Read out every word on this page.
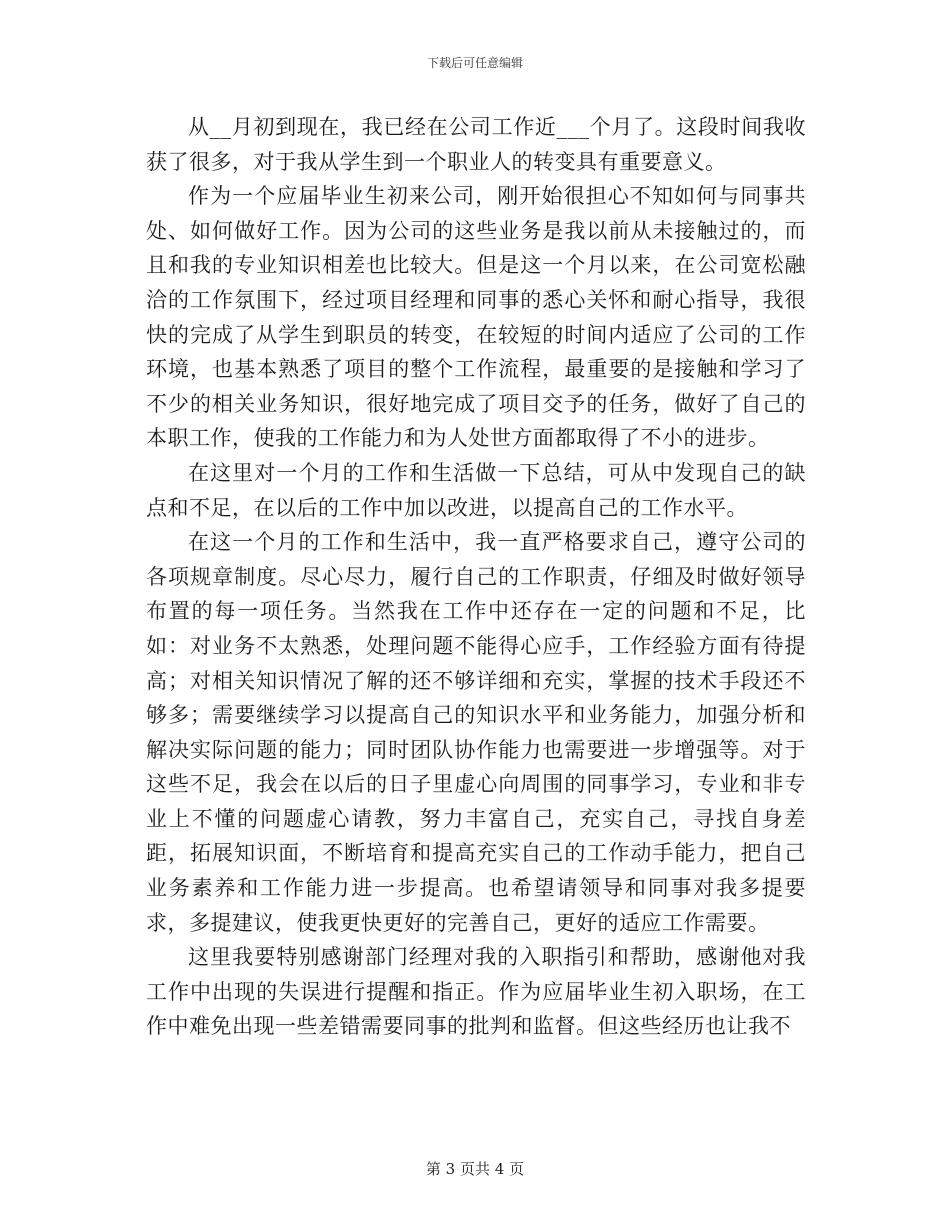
下载后可任意编辑

从__月初到现在，我已经在公司工作近___个月了。这段时间我收获了很多，对于我从学生到一个职业人的转变具有重要意义。

作为一个应届毕业生初来公司，刚开始很担心不知如何与同事共处、如何做好工作。因为公司的这些业务是我以前从未接触过的，而且和我的专业知识相差也比较大。但是这一个月以来，在公司宽松融洽的工作氛围下，经过项目经理和同事的悉心关怀和耐心指导，我很快的完成了从学生到职员的转变，在较短的时间内适应了公司的工作环境，也基本熟悉了项目的整个工作流程，最重要的是接触和学习了不少的相关业务知识，很好地完成了项目交予的任务，做好了自己的本职工作，使我的工作能力和为人处世方面都取得了不小的进步。

在这里对一个月的工作和生活做一下总结，可从中发现自己的缺点和不足，在以后的工作中加以改进，以提高自己的工作水平。

在这一个月的工作和生活中，我一直严格要求自己，遵守公司的各项规章制度。尽心尽力，履行自己的工作职责，仔细及时做好领导布置的每一项任务。当然我在工作中还存在一定的问题和不足，比如：对业务不太熟悉，处理问题不能得心应手，工作经验方面有待提高；对相关知识情况了解的还不够详细和充实，掌握的技术手段还不够多；需要继续学习以提高自己的知识水平和业务能力，加强分析和解决实际问题的能力；同时团队协作能力也需要进一步增强等。对于这些不足，我会在以后的日子里虚心向周围的同事学习，专业和非专业上不懂的问题虚心请教，努力丰富自己，充实自己，寻找自身差距，拓展知识面，不断培育和提高充实自己的工作动手能力，把自己业务素养和工作能力进一步提高。也希望请领导和同事对我多提要求，多提建议，使我更快更好的完善自己，更好的适应工作需要。

这里我要特别感谢部门经理对我的入职指引和帮助，感谢他对我工作中出现的失误进行提醒和指正。作为应届毕业生初入职场，在工作中难免出现一些差错需要同事的批判和监督。但这些经历也让我不

第 3 页共 4 页
